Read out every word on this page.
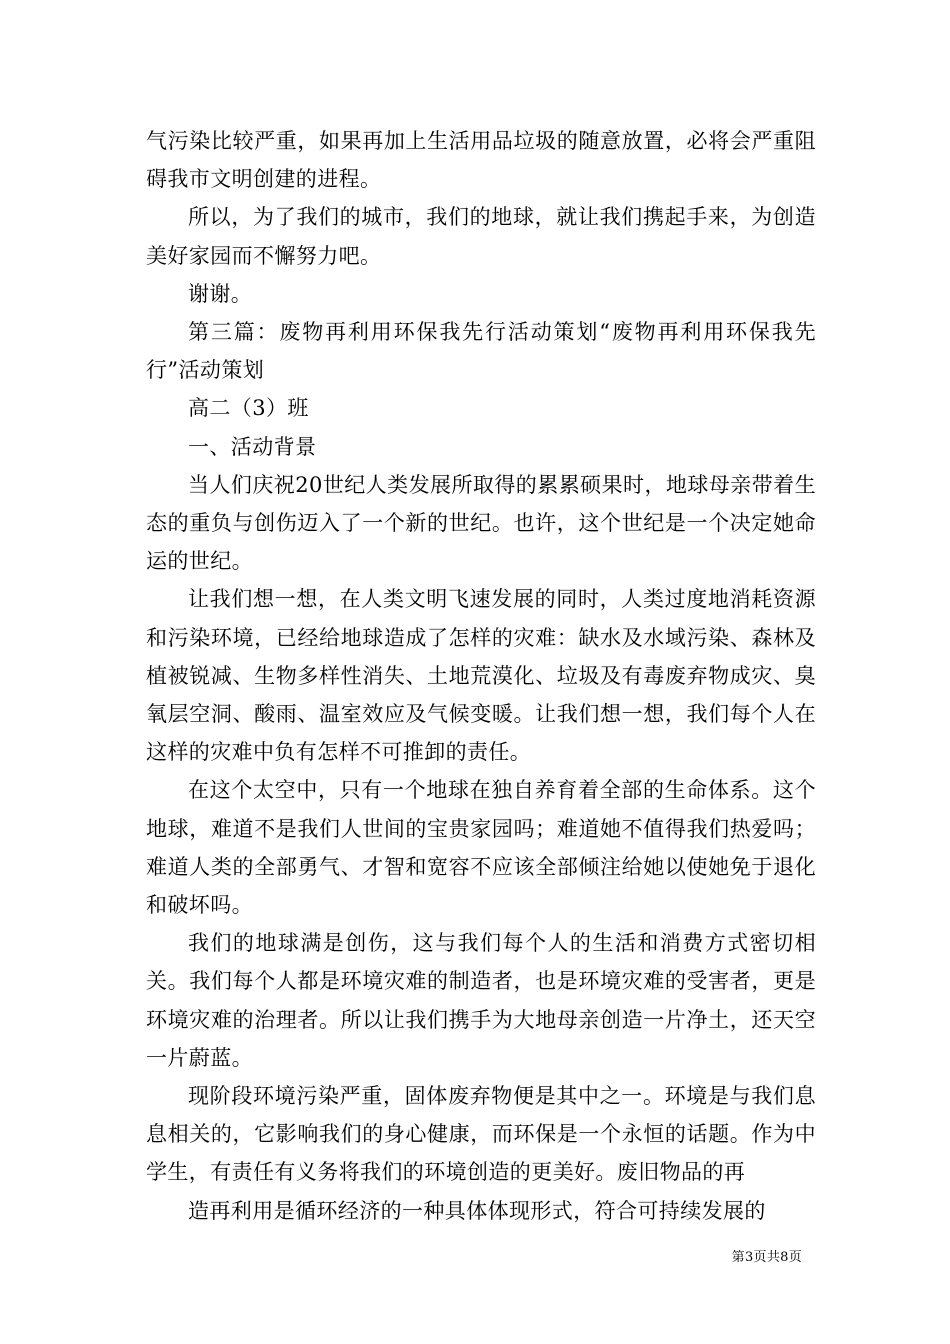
气污染比较严重，如果再加上生活用品垃圾的随意放置，必将会严重阻碍我市文明创建的进程。

所以，为了我们的城市，我们的地球，就让我们携起手来，为创造美好家园而不懈努力吧。

谢谢。

第三篇：废物再利用环保我先行活动策划“废物再利用环保我先行”活动策划

高二（3）班

一、活动背景

当人们庆祝20世纪人类发展所取得的累累硕果时，地球母亲带着生态的重负与创伤迈入了一个新的世纪。也许，这个世纪是一个决定她命运的世纪。

让我们想一想，在人类文明飞速发展的同时，人类过度地消耗资源和污染环境，已经给地球造成了怎样的灾难：缺水及水域污染、森林及植被锐减、生物多样性消失、土地荒漠化、垃圾及有毒废弃物成灾、臭氧层空洞、酸雨、温室效应及气候变暖。让我们想一想，我们每个人在这样的灾难中负有怎样不可推卸的责任。

在这个太空中，只有一个地球在独自养育着全部的生命体系。这个地球，难道不是我们人世间的宝贵家园吗；难道她不值得我们热爱吗；难道人类的全部勇气、才智和宽容不应该全部倾注给她以使她免于退化和破坏吗。

我们的地球满是创伤，这与我们每个人的生活和消费方式密切相关。我们每个人都是环境灾难的制造者，也是环境灾难的受害者，更是环境灾难的治理者。所以让我们携手为大地母亲创造一片净土，还天空一片蔚蓝。

现阶段环境污染严重，固体废弃物便是其中之一。环境是与我们息息相关的，它影响我们的身心健康，而环保是一个永恒的话题。作为中学生，有责任有义务将我们的环境创造的更美好。废旧物品的再

造再利用是循环经济的一种具体体现形式，符合可持续发展的

第3页共8页
